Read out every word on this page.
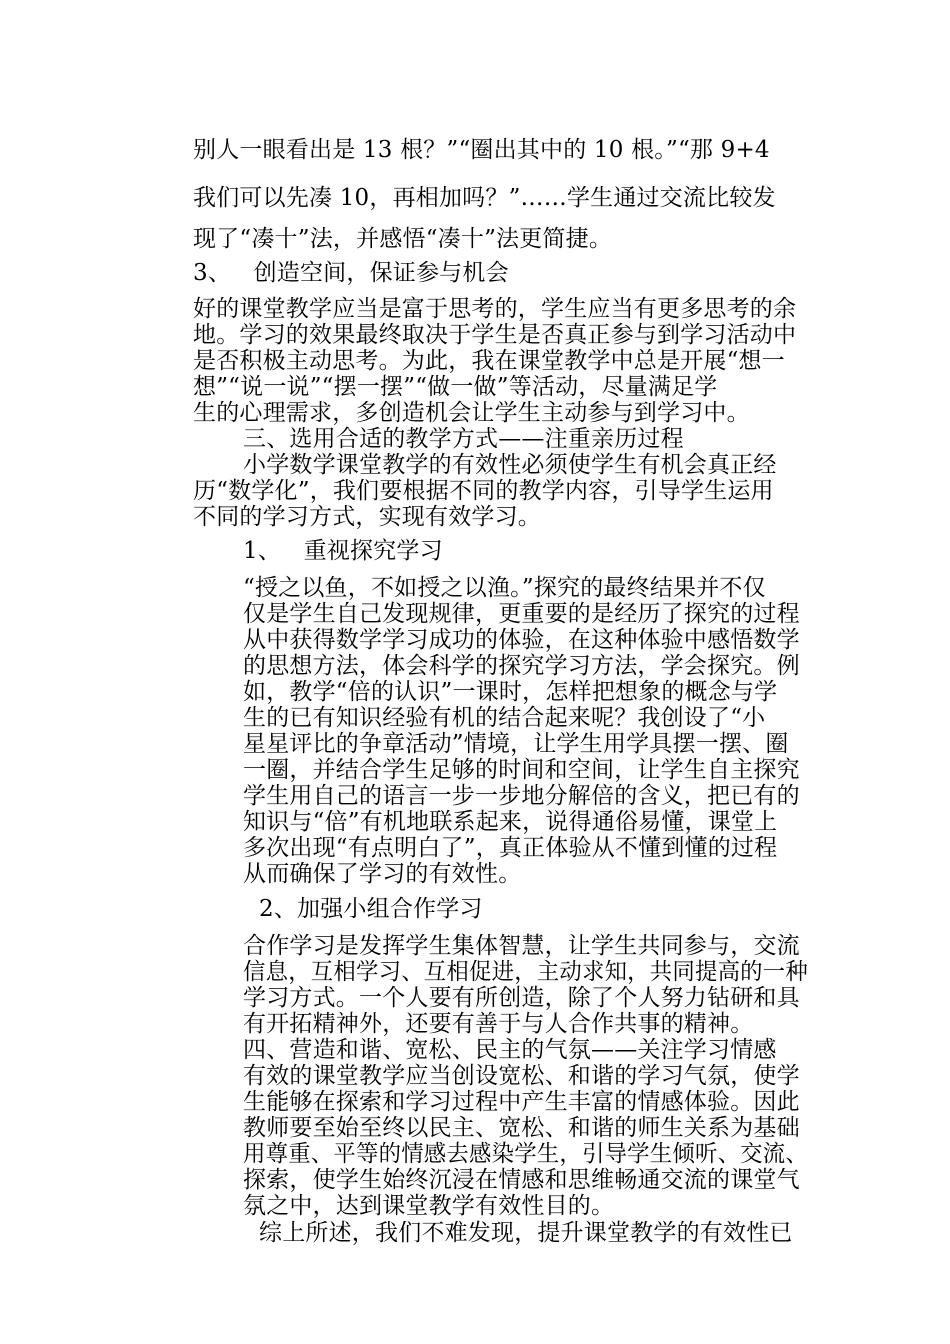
别人一眼看出是 13 根？”“圈出其中的 10 根。”“那 9+4
我们可以先凑 10，再相加吗？”……学生通过交流比较发
现了“凑十”法，并感悟“凑十”法更简捷。
3、   创造空间，保证参与机会
好的课堂教学应当是富于思考的，学生应当有更多思考的余
地。学习的效果最终取决于学生是否真正参与到学习活动中
是否积极主动思考。为此，我在课堂教学中总是开展“想一
想”“说一说”“摆一摆”“做一做”等活动，尽量满足学
生的心理需求，多创造机会让学生主动参与到学习中。
三、选用合适的教学方式——注重亲历过程
小学数学课堂教学的有效性必须使学生有机会真正经
历“数学化”，我们要根据不同的教学内容，引导学生运用
不同的学习方式，实现有效学习。
1、   重视探究学习
“授之以鱼，不如授之以渔。”探究的最终结果并不仅
仅是学生自己发现规律，更重要的是经历了探究的过程
从中获得数学学习成功的体验，在这种体验中感悟数学
的思想方法，体会科学的探究学习方法，学会探究。例
如，教学“倍的认识”一课时，怎样把想象的概念与学
生的已有知识经验有机的结合起来呢？我创设了“小
星星评比的争章活动”情境，让学生用学具摆一摆、圈
一圈，并结合学生足够的时间和空间，让学生自主探究
学生用自己的语言一步一步地分解倍的含义，把已有的
知识与“倍”有机地联系起来，说得通俗易懂，课堂上
多次出现“有点明白了”，真正体验从不懂到懂的过程
从而确保了学习的有效性。
2、加强小组合作学习
合作学习是发挥学生集体智慧，让学生共同参与，交流
信息，互相学习、互相促进，主动求知，共同提高的一种
学习方式。一个人要有所创造，除了个人努力钻研和具
有开拓精神外，还要有善于与人合作共事的精神。
四、营造和谐、宽松、民主的气氛——关注学习情感
有效的课堂教学应当创设宽松、和谐的学习气氛，使学
生能够在探索和学习过程中产生丰富的情感体验。因此
教师要至始至终以民主、宽松、和谐的师生关系为基础
用尊重、平等的情感去感染学生，引导学生倾听、交流、
探索，使学生始终沉浸在情感和思维畅通交流的课堂气
氛之中，达到课堂教学有效性目的。
综上所述，我们不难发现，提升课堂教学的有效性已
